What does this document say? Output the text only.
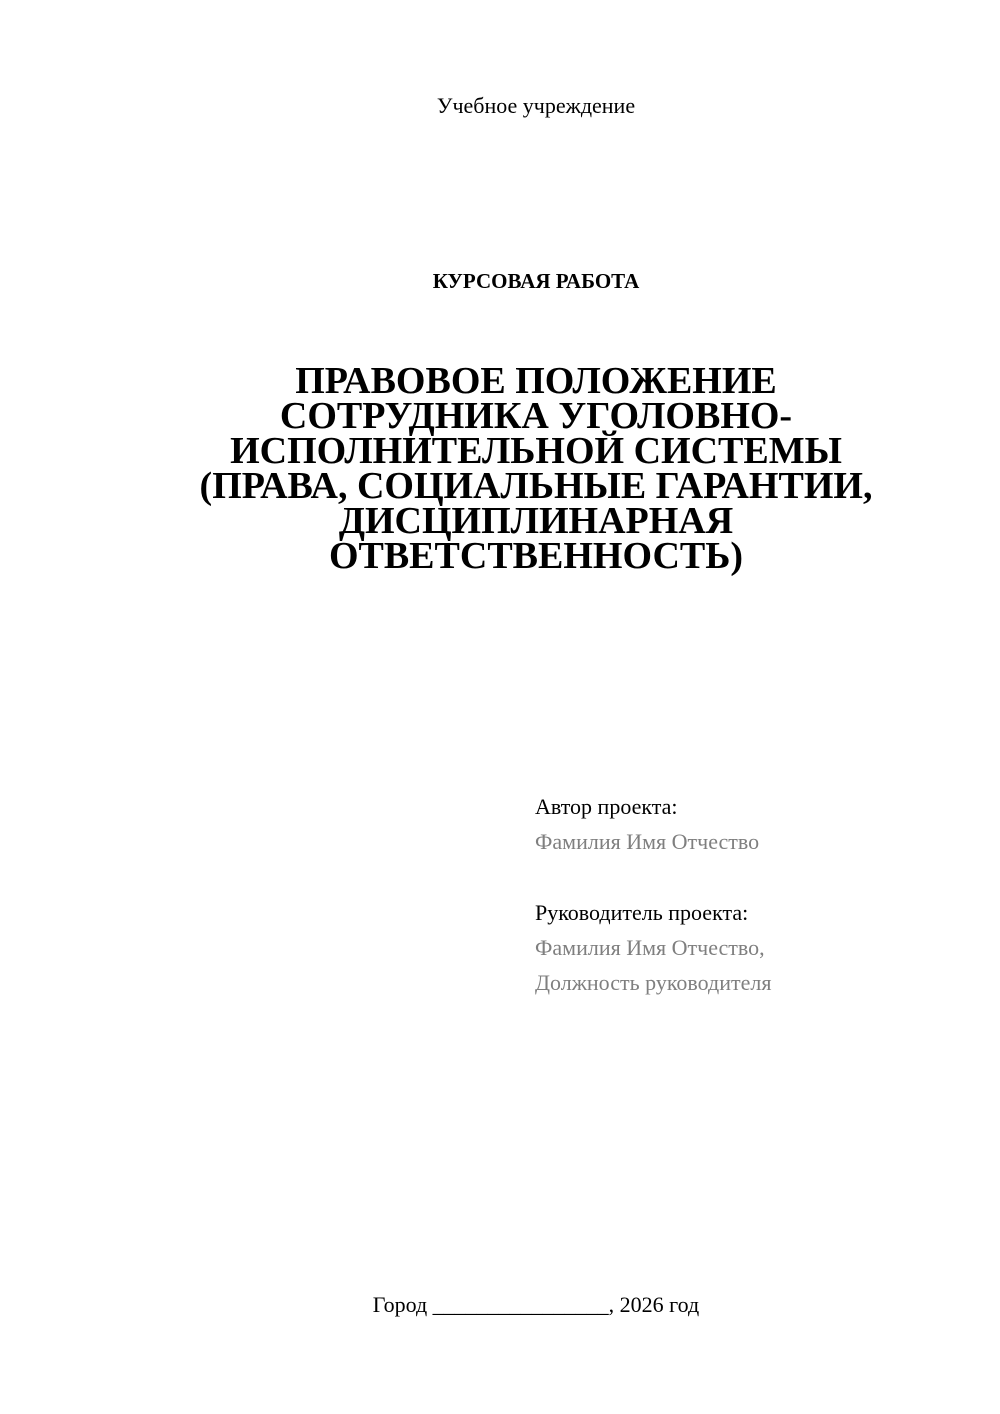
Учебное учреждение
КУРСОВАЯ РАБОТА
ПРАВОВОЕ ПОЛОЖЕНИЕ
СОТРУДНИКА УГОЛОВНО-
ИСПОЛНИТЕЛЬНОЙ СИСТЕМЫ
(ПРАВА, СОЦИАЛЬНЫЕ ГАРАНТИИ,
ДИСЦИПЛИНАРНАЯ
ОТВЕТСТВЕННОСТЬ)
Автор проекта:
Фамилия Имя Отчество
Руководитель проекта:
Фамилия Имя Отчество,
Должность руководителя
Город ________________, 2026 год
